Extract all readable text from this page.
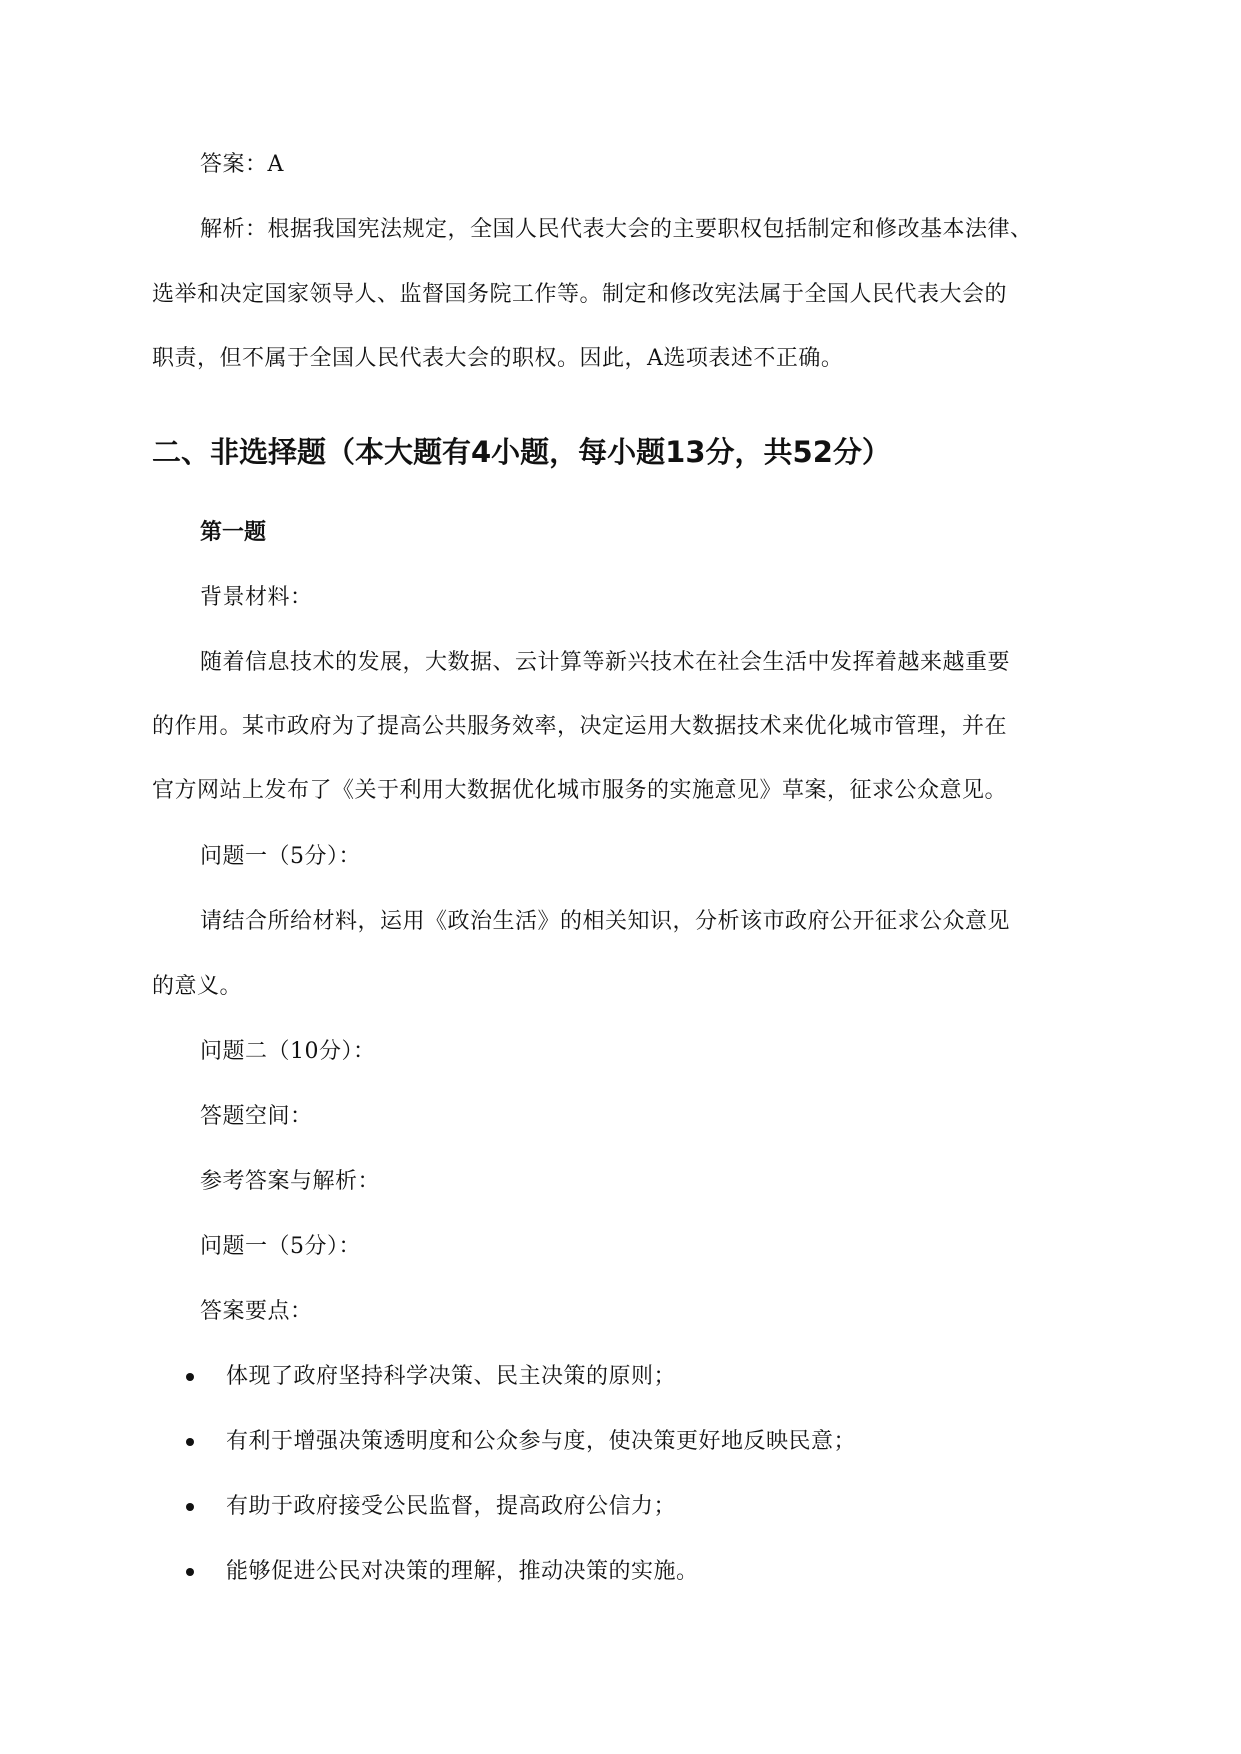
答案：A
解析：根据我国宪法规定，全国人民代表大会的主要职权包括制定和修改基本法律、
选举和决定国家领导人、监督国务院工作等。制定和修改宪法属于全国人民代表大会的
职责，但不属于全国人民代表大会的职权。因此，A选项表述不正确。
二、非选择题（本大题有4小题，每小题13分，共52分）
第一题
背景材料：
随着信息技术的发展，大数据、云计算等新兴技术在社会生活中发挥着越来越重要
的作用。某市政府为了提高公共服务效率，决定运用大数据技术来优化城市管理，并在
官方网站上发布了《关于利用大数据优化城市服务的实施意见》草案，征求公众意见。
问题一（5分）：
请结合所给材料，运用《政治生活》的相关知识，分析该市政府公开征求公众意见
的意义。
问题二（10分）：
答题空间：
参考答案与解析：
问题一（5分）：
答案要点：
体现了政府坚持科学决策、民主决策的原则；
有利于增强决策透明度和公众参与度，使决策更好地反映民意；
有助于政府接受公民监督，提高政府公信力；
能够促进公民对决策的理解，推动决策的实施。
